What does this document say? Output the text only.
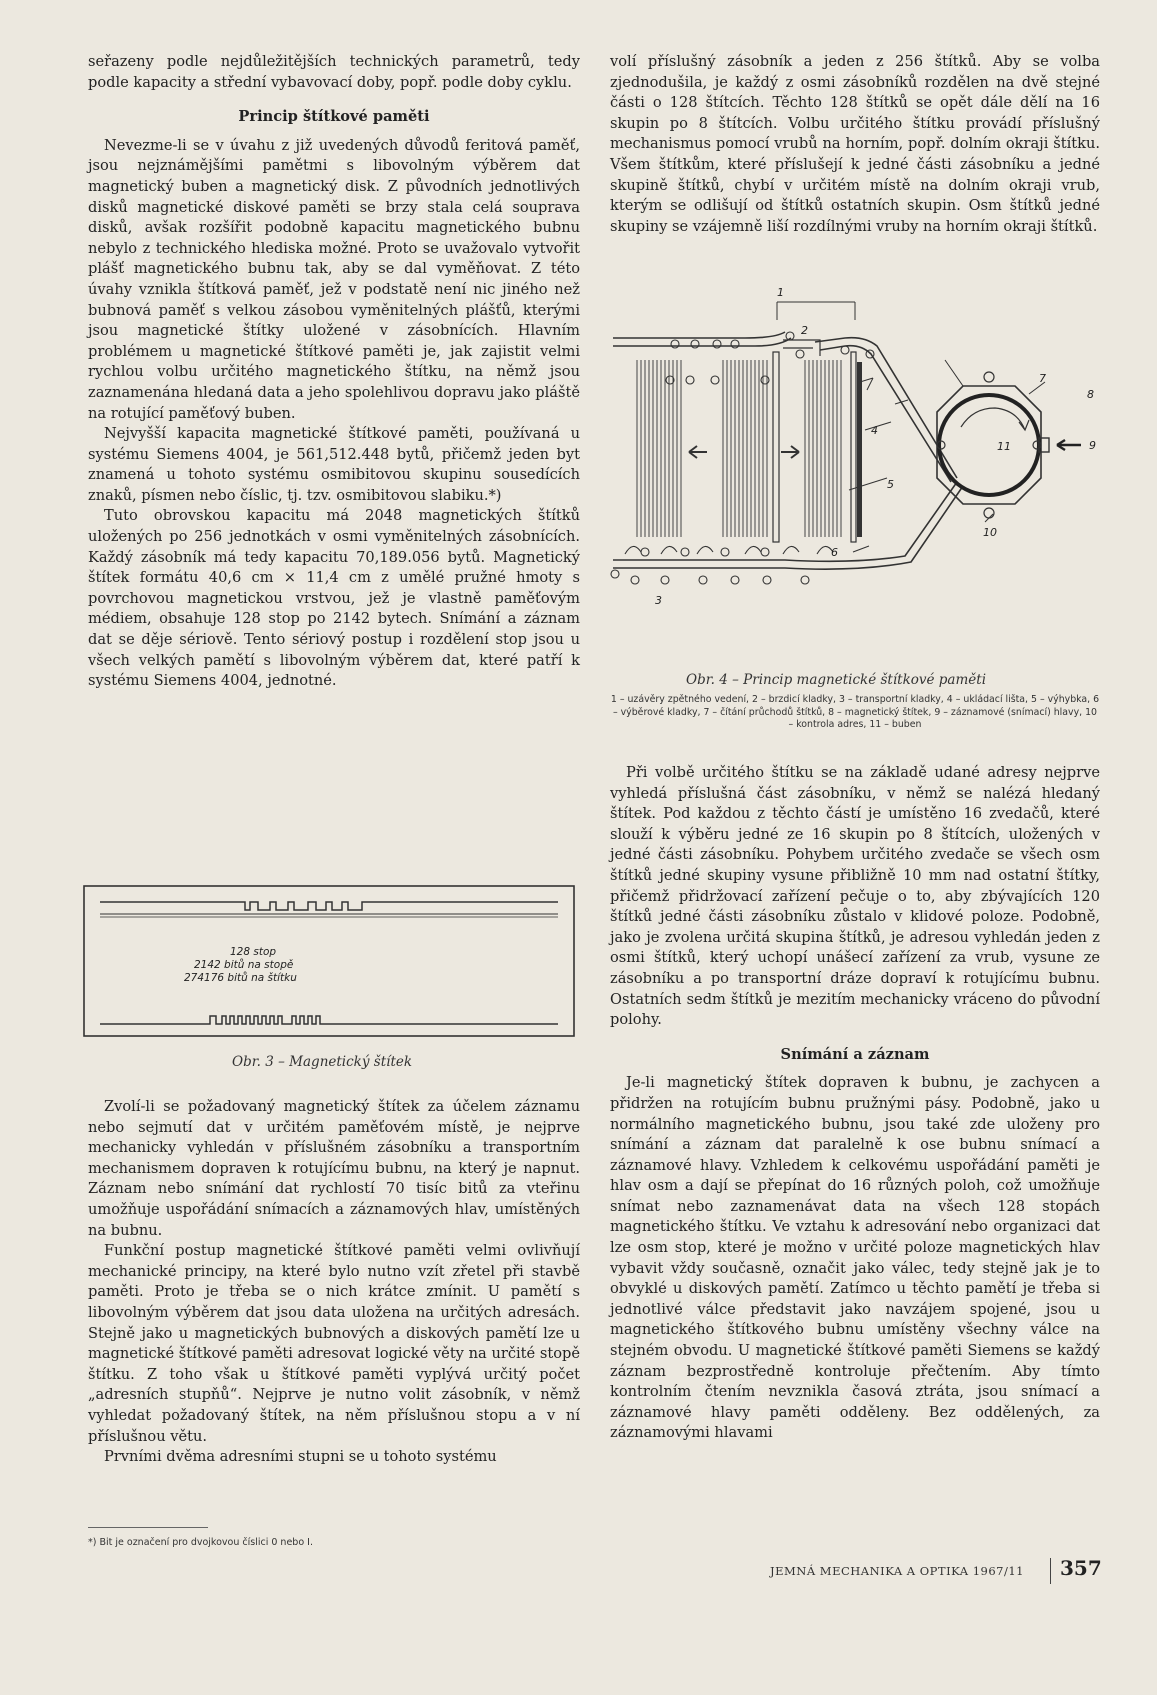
seřazeny podle nejdůležitějších technických parametrů, tedy podle kapacity a střední vybavovací doby, popř. podle doby cyklu.

Princip štítkové paměti

Nevezme-li se v úvahu z již uvedených důvodů feritová paměť, jsou nejznámějšími pamětmi s libovolným výběrem dat magnetický buben a magnetický disk. Z původních jednotlivých disků magnetické diskové paměti se brzy stala celá souprava disků, avšak rozšířit podobně kapacitu magnetického bubnu nebylo z technického hlediska možné. Proto se uvažovalo vytvořit plášť magnetického bubnu tak, aby se dal vyměňovat. Z této úvahy vznikla štítková paměť, jež v podstatě není nic jiného než bubnová paměť s velkou zásobou vyměnitelných plášťů, kterými jsou magnetické štítky uložené v zásobnících. Hlavním problémem u magnetické štítkové paměti je, jak zajistit velmi rychlou volbu určitého magnetického štítku, na němž jsou zaznamenána hledaná data a jeho spolehlivou dopravu jako pláště na rotující paměťový buben.

Nejvyšší kapacita magnetické štítkové paměti, používaná u systému Siemens 4004, je 561,512.448 bytů, přičemž jeden byt znamená u tohoto systému osmibitovou skupinu sousedících znaků, písmen nebo číslic, tj. tzv. osmibitovou slabiku.*)

Tuto obrovskou kapacitu má 2048 magnetických štítků uložených po 256 jednotkách v osmi vyměnitelných zásobnících. Každý zásobník má tedy kapacitu 70,189.056 bytů. Magnetický štítek formátu 40,6 cm × 11,4 cm z umělé pružné hmoty s povrchovou magnetickou vrstvou, jež je vlastně paměťovým médiem, obsahuje 128 stop po 2142 bytech. Snímání a záznam dat se děje sériově. Tento sériový postup i rozdělení stop jsou u všech velkých pamětí s libovolným výběrem dat, které patří k systému Siemens 4004, jednotné.

128 stop
2142 bitů na stopě
274176 bitů na štítku
Obr. 3 – Magnetický štítek

Zvolí-li se požadovaný magnetický štítek za účelem záznamu nebo sejmutí dat v určitém paměťovém místě, je nejprve mechanicky vyhledán v příslušném zásobníku a transportním mechanismem dopraven k rotujícímu bubnu, na který je napnut. Záznam nebo snímání dat rychlostí 70 tisíc bitů za vteřinu umožňuje uspořádání snímacích a záznamových hlav, umístěných na bubnu.

Funkční postup magnetické štítkové paměti velmi ovlivňují mechanické principy, na které bylo nutno vzít zřetel při stavbě paměti. Proto je třeba se o nich krátce zmínit. U pamětí s libovolným výběrem dat jsou data uložena na určitých adresách. Stejně jako u magnetických bubnových a diskových pamětí lze u magnetické štítkové paměti adresovat logické věty na určité stopě štítku. Z toho však u štítkové paměti vyplývá určitý počet „adresních stupňů“. Nejprve je nutno volit zásobník, v němž vyhledat požadovaný štítek, na něm příslušnou stopu a v ní příslušnou větu.

Prvními dvěma adresními stupni se u tohoto systému

volí příslušný zásobník a jeden z 256 štítků. Aby se volba zjednodušila, je každý z osmi zásobníků rozdělen na dvě stejné části o 128 štítcích. Těchto 128 štítků se opět dále dělí na 16 skupin po 8 štítcích. Volbu určitého štítku provádí příslušný mechanismus pomocí vrubů na horním, popř. dolním okraji štítku. Všem štítkům, které příslušejí k jedné části zásobníku a jedné skupině štítků, chybí v určitém místě na dolním okraji vrub, kterým se odlišují od štítků ostatních skupin. Osm štítků jedné skupiny se vzájemně liší rozdílnými vruby na horním okraji štítků.

1
2
3
4
5
6
7
8
9
10
11
Obr. 4 – Princip magnetické štítkové paměti
1 – uzávěry zpětného vedení, 2 – brzdicí kladky, 3 – transportní kladky, 4 – ukládací lišta, 5 – výhybka, 6 – výběrové kladky, 7 – čítání průchodů štítků, 8 – magnetický štítek, 9 – záznamové (snímací) hlavy, 10 – kontrola adres, 11 – buben

Při volbě určitého štítku se na základě udané adresy nejprve vyhledá příslušná část zásobníku, v němž se nalézá hledaný štítek. Pod každou z těchto částí je umístěno 16 zvedačů, které slouží k výběru jedné ze 16 skupin po 8 štítcích, uložených v jedné části zásobníku. Pohybem určitého zvedače se všech osm štítků jedné skupiny vysune přibližně 10 mm nad ostatní štítky, přičemž přidržovací zařízení pečuje o to, aby zbývajících 120 štítků jedné části zásobníku zůstalo v klidové poloze. Podobně, jako je zvolena určitá skupina štítků, je adresou vyhledán jeden z osmi štítků, který uchopí unášecí zařízení za vrub, vysune ze zásobníku a po transportní dráze dopraví k rotujícímu bubnu. Ostatních sedm štítků je mezitím mechanicky vráceno do původní polohy.

Snímání a záznam

Je-li magnetický štítek dopraven k bubnu, je zachycen a přidržen na rotujícím bubnu pružnými pásy. Podobně, jako u normálního magnetického bubnu, jsou také zde uloženy pro snímání a záznam dat paralelně k ose bubnu snímací a záznamové hlavy. Vzhledem k celkovému uspořádání paměti je hlav osm a dají se přepínat do 16 různých poloh, což umožňuje snímat nebo zaznamenávat data na všech 128 stopách magnetického štítku. Ve vztahu k adresování nebo organizaci dat lze osm stop, které je možno v určité poloze magnetických hlav vybavit vždy současně, označit jako válec, tedy stejně jak je to obvyklé u diskových pamětí. Zatímco u těchto pamětí je třeba si jednotlivé válce představit jako navzájem spojené, jsou u magnetického štítkového bubnu umístěny všechny válce na stejném obvodu. U magnetické štítkové paměti Siemens se každý záznam bezprostředně kontroluje přečtením. Aby tímto kontrolním čtením nevznikla časová ztráta, jsou snímací a záznamové hlavy paměti odděleny. Bez oddělených, za záznamovými hlavami

*) Bit je označení pro dvojkovou číslici 0 nebo I.
JEMNÁ MECHANIKA A OPTIKA 1967/11 357
